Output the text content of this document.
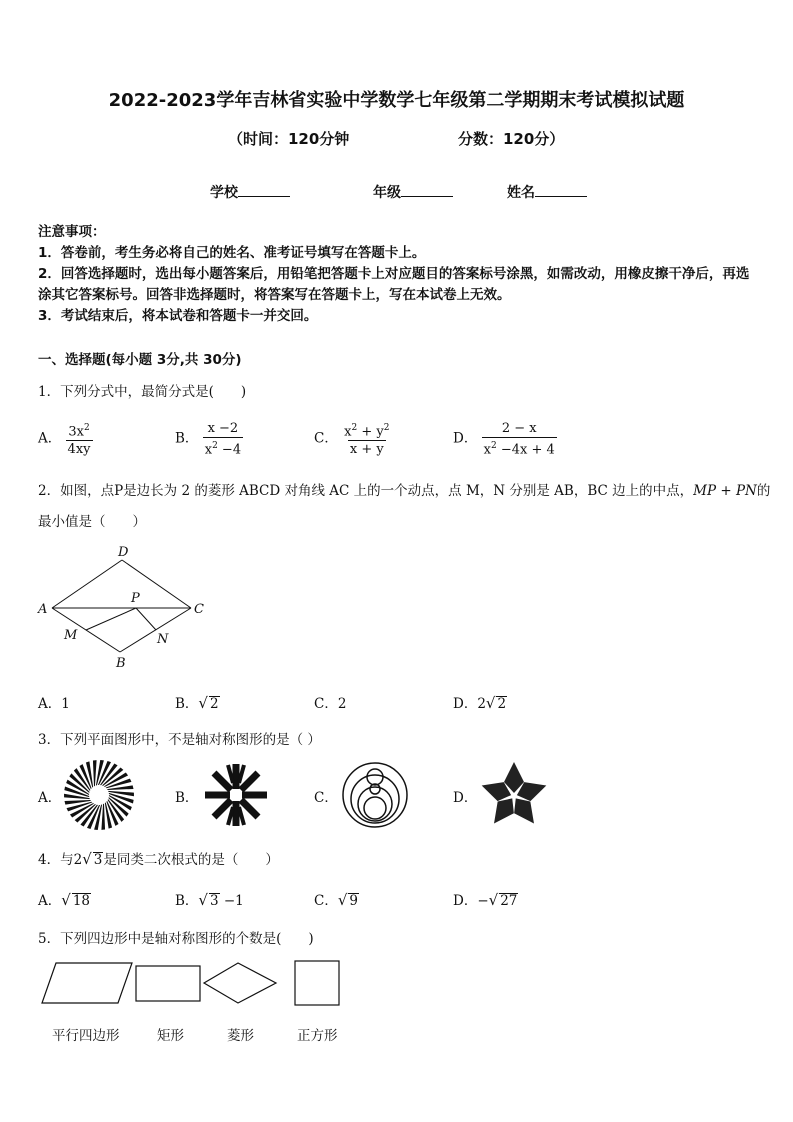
2022-2023学年吉林省实验中学数学七年级第二学期期末考试模拟试题
（时间：120分钟	分数：120分）
学校	年级	姓名
注意事项：
1．答卷前，考生务必将自己的姓名、准考证号填写在答题卡上。
2．回答选择题时，选出每小题答案后，用铅笔把答题卡上对应题目的答案标号涂黑，如需改动，用橡皮擦干净后，再选涂其它答案标号。回答非选择题时，将答案写在答题卡上，写在本试卷上无效。
3．考试结束后，将本试卷和答题卡一并交回。
一、选择题(每小题 3分,共 30分)
1．下列分式中，最简分式是(　　)
A． $\frac{3x^2}{4xy}$	B． $\frac{x -2}{x^2 -4}$	C． $\frac{x^2 + y^2}{x + y}$	D． $\frac{2 - x}{x^2 -4x + 4}$
2．如图，点P是边长为 2 的菱形 ABCD 对角线 AC 上的一个动点，点 M，N 分别是 AB，BC 边上的中点，MP + PN的
最小值是（　　）
A
D
C
B
P
M	N
A．1	B．√ 2	C．2	D．2√ 2
3．下列平面图形中，不是轴对称图形的是（ ）
A．	B．	C．	D．
4．与2√ 3是同类二次根式的是（　　）
A．√ 18	B．√ 3 −1	C．√ 9	D．−√ 27
5．下列四边形中是轴对称图形的个数是(　　)
平行四边形	矩形	菱形	正方形
